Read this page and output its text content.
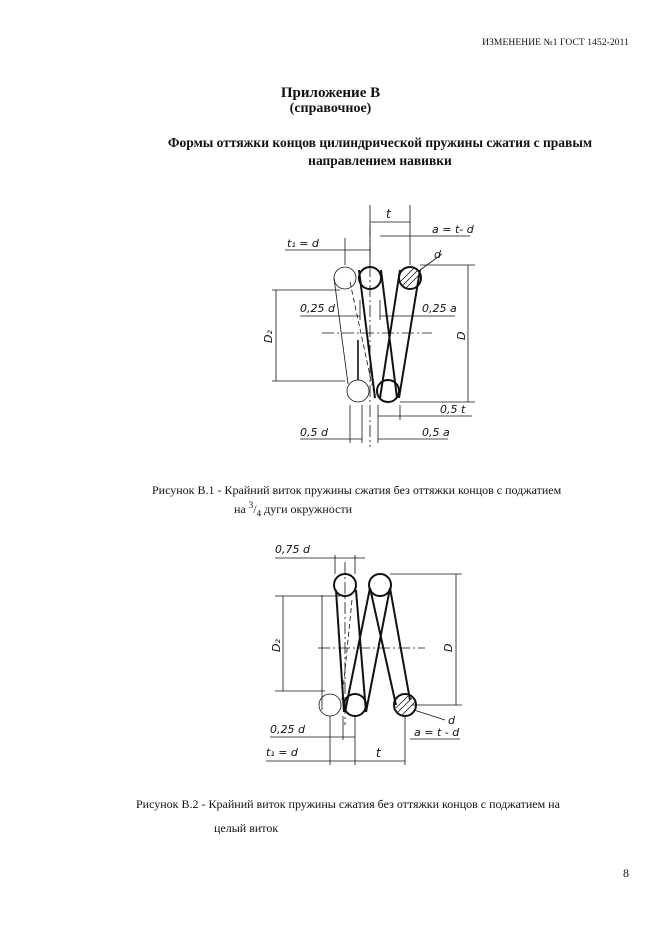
ИЗМЕНЕНИЕ №1 ГОСТ 1452-2011
Приложение В
(справочное)
Формы оттяжки концов цилиндрической пружины сжатия с правым
направлением навивки
t
t₁ = d
a = t- d
d
0,25 d	0,25 a
D₂	D
0,5 t
0,5 d	0,5 a
Рисунок В.1 - Крайний виток пружины сжатия без оттяжки концов с поджатием
на $^3/_4$ дуги окружности
0,75 d
D₂	D
d
a = t - d
0,25 d
t₁ = d	t
Рисунок В.2 - Крайний виток пружины сжатия без оттяжки концов с поджатием на
целый виток
8
